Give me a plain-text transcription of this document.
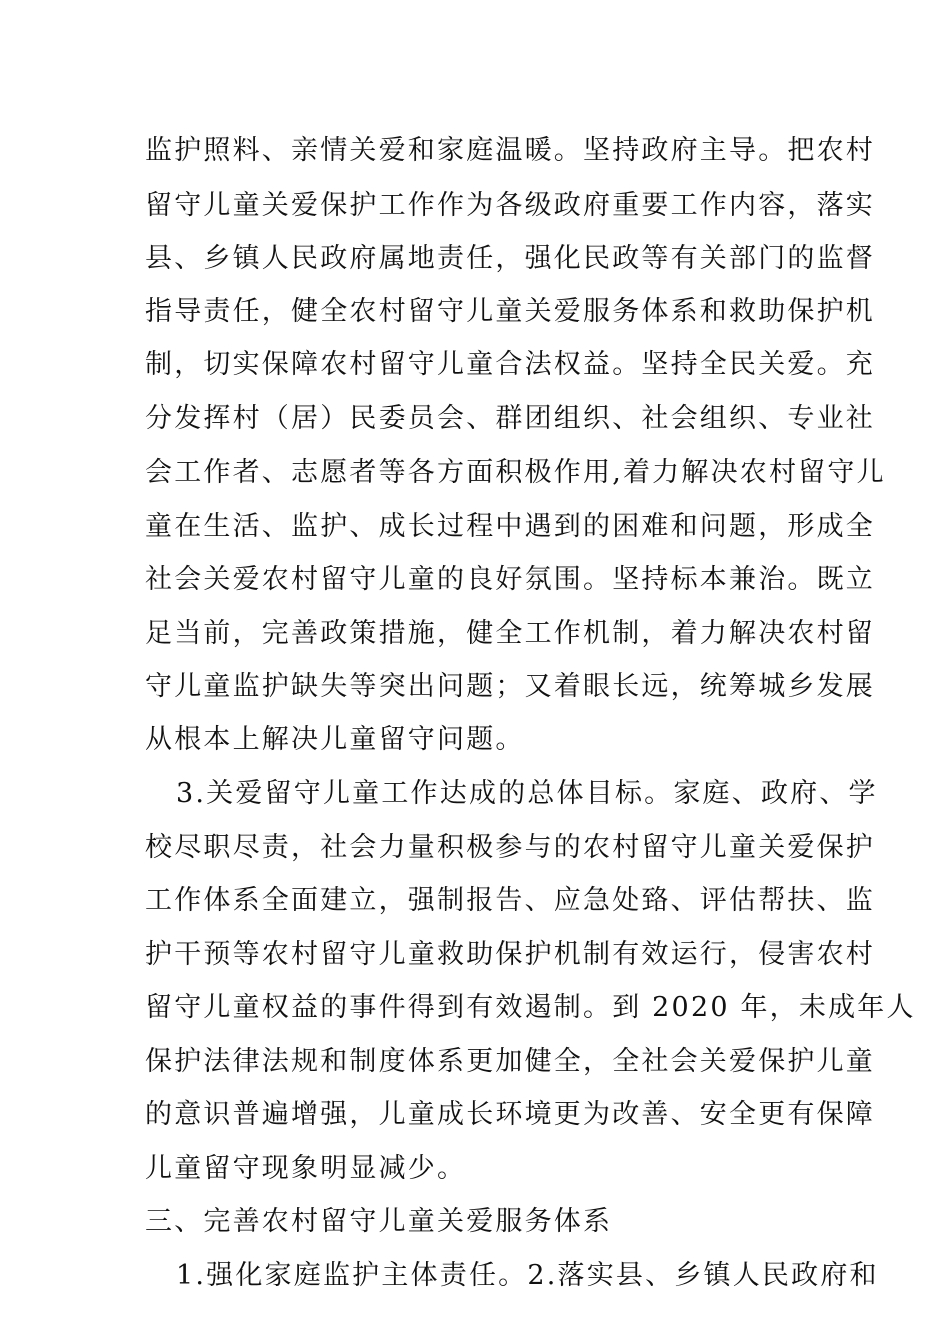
监护照料、亲情关爱和家庭温暖。坚持政府主导。把农村
留守儿童关爱保护工作作为各级政府重要工作内容，落实
县、乡镇人民政府属地责任，强化民政等有关部门的监督
指导责任，健全农村留守儿童关爱服务体系和救助保护机
制，切实保障农村留守儿童合法权益。坚持全民关爱。充
分发挥村（居）民委员会、群团组织、社会组织、专业社
会工作者、志愿者等各方面积极作用,着力解决农村留守儿
童在生活、监护、成长过程中遇到的困难和问题，形成全
社会关爱农村留守儿童的良好氛围。坚持标本兼治。既立
足当前，完善政策措施，健全工作机制，着力解决农村留
守儿童监护缺失等突出问题；又着眼长远，统筹城乡发展
从根本上解决儿童留守问题。
3.关爱留守儿童工作达成的总体目标。家庭、政府、学
校尽职尽责，社会力量积极参与的农村留守儿童关爱保护
工作体系全面建立，强制报告、应急处臵、评估帮扶、监
护干预等农村留守儿童救助保护机制有效运行，侵害农村
留守儿童权益的事件得到有效遏制。到 2020 年，未成年人
保护法律法规和制度体系更加健全，全社会关爱保护儿童
的意识普遍增强，儿童成长环境更为改善、安全更有保障
儿童留守现象明显减少。
三、完善农村留守儿童关爱服务体系
1.强化家庭监护主体责任。2.落实县、乡镇人民政府和
